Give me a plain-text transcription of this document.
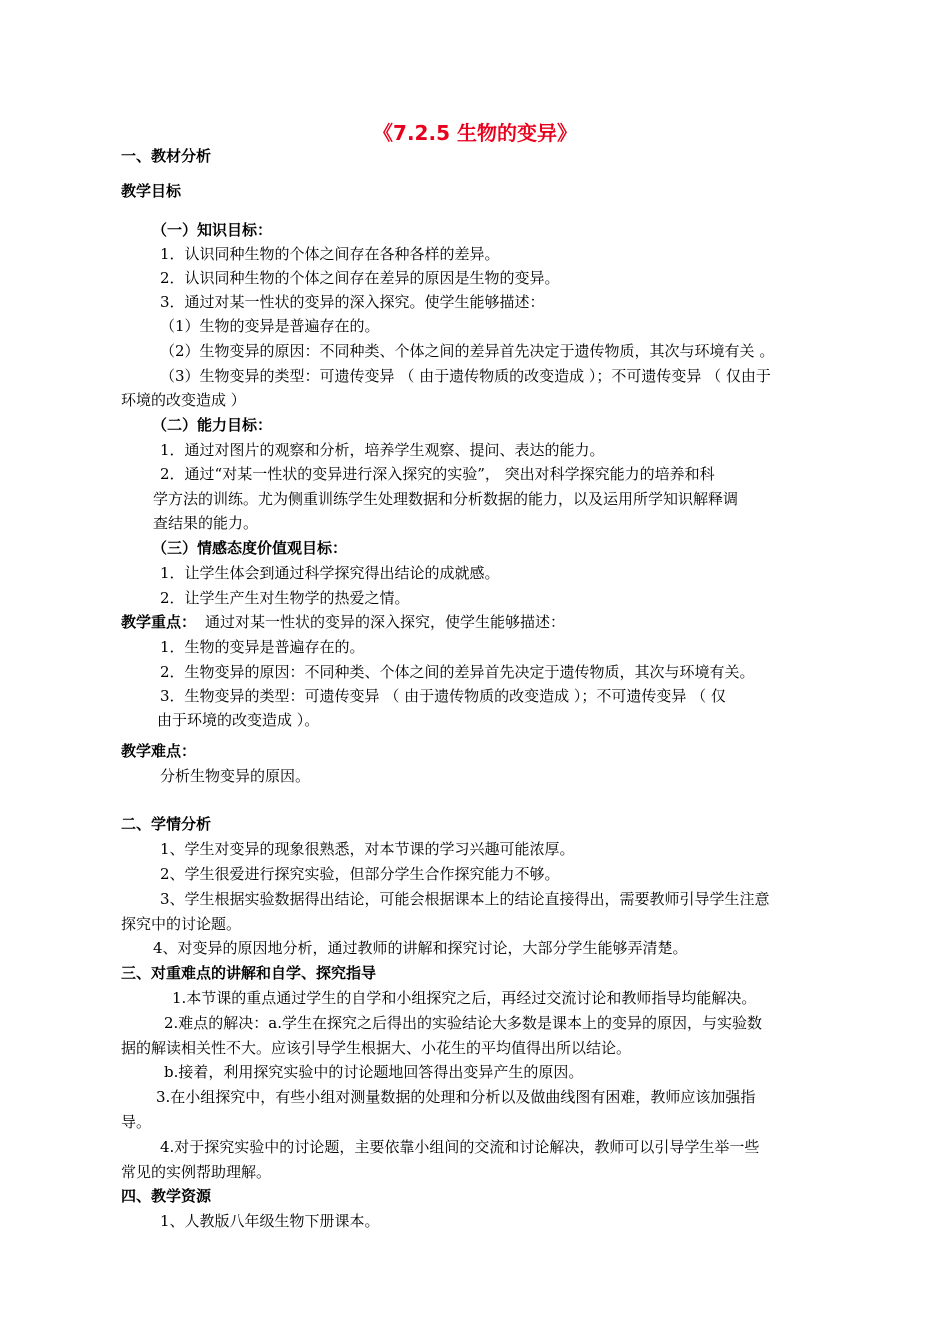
《7.2.5 生物的变异》
一、教材分析
教学目标
（一）知识目标：
1．认识同种生物的个体之间存在各种各样的差异。
2．认识同种生物的个体之间存在差异的原因是生物的变异。
3．通过对某一性状的变异的深入探究。使学生能够描述：
（1）生物的变异是普遍存在的。
（2）生物变异的原因：不同种类、个体之间的差异首先决定于遗传物质，其次与环境有关 。
（3）生物变异的类型：可遗传变异 （ 由于遗传物质的改变造成 ）；不可遗传变异 （ 仅由于
环境的改变造成 ）
（二）能力目标：
1．通过对图片的观察和分析，培养学生观察、提问、表达的能力。
2．通过“对某一性状的变异进行深入探究的实验”， 突出对科学探究能力的培养和科
学方法的训练。尤为侧重训练学生处理数据和分析数据的能力，以及运用所学知识解释调
查结果的能力。
（三）情感态度价值观目标：
1．让学生体会到通过科学探究得出结论的成就感。
2．让学生产生对生物学的热爱之情。
教学重点： 通过对某一性状的变异的深入探究，使学生能够描述：
1．生物的变异是普遍存在的。
2．生物变异的原因：不同种类、个体之间的差异首先决定于遗传物质，其次与环境有关。
3．生物变异的类型：可遗传变异 （ 由于遗传物质的改变造成 ）；不可遗传变异 （ 仅
由于环境的改变造成 ）。
教学难点：
分析生物变异的原因。
二、学情分析
1、学生对变异的现象很熟悉，对本节课的学习兴趣可能浓厚。
2、学生很爱进行探究实验，但部分学生合作探究能力不够。
3、学生根据实验数据得出结论，可能会根据课本上的结论直接得出，需要教师引导学生注意
探究中的讨论题。
4、对变异的原因地分析，通过教师的讲解和探究讨论，大部分学生能够弄清楚。
三、对重难点的讲解和自学、探究指导
1.本节课的重点通过学生的自学和小组探究之后，再经过交流讨论和教师指导均能解决。
2.难点的解决：a.学生在探究之后得出的实验结论大多数是课本上的变异的原因，与实验数
据的解读相关性不大。应该引导学生根据大、小花生的平均值得出所以结论。
b.接着，利用探究实验中的讨论题地回答得出变异产生的原因。
3.在小组探究中，有些小组对测量数据的处理和分析以及做曲线图有困难，教师应该加强指
导。
4.对于探究实验中的讨论题，主要依靠小组间的交流和讨论解决，教师可以引导学生举一些
常见的实例帮助理解。
四、教学资源
1、人教版八年级生物下册课本。
